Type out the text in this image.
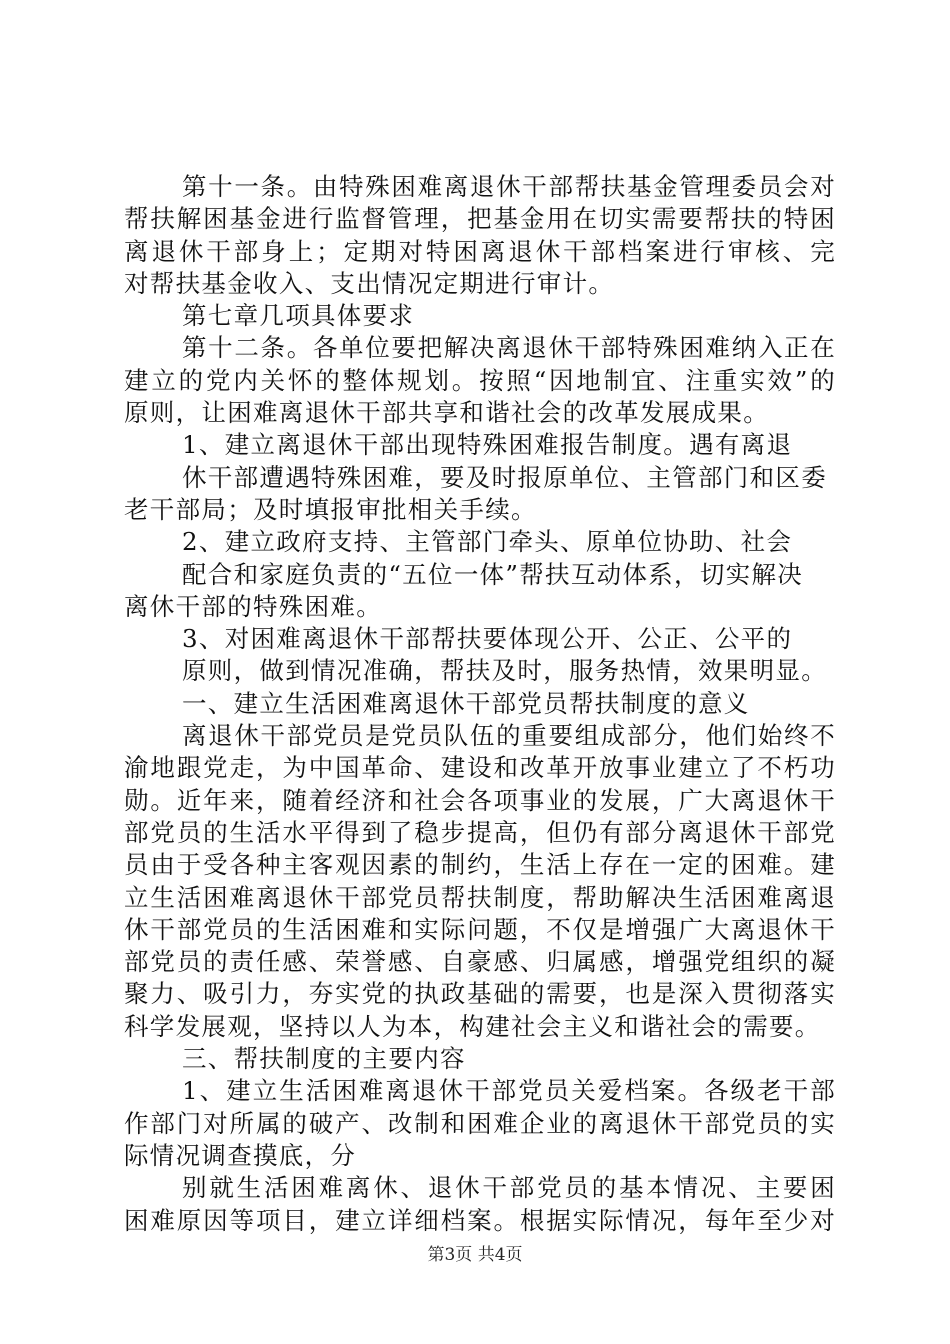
第十一条。由特殊困难离退休干部帮扶基金管理委员会对
帮扶解困基金进行监督管理，把基金用在切实需要帮扶的特困
离退休干部身上；定期对特困离退休干部档案进行审核、完
对帮扶基金收入、支出情况定期进行审计。
第七章几项具体要求
第十二条。各单位要把解决离退休干部特殊困难纳入正在
建立的党内关怀的整体规划。按照“因地制宜、注重实效”的
原则，让困难离退休干部共享和谐社会的改革发展成果。
1、建立离退休干部出现特殊困难报告制度。遇有离退
休干部遭遇特殊困难，要及时报原单位、主管部门和区委
老干部局；及时填报审批相关手续。
2、建立政府支持、主管部门牵头、原单位协助、社会
配合和家庭负责的“五位一体”帮扶互动体系，切实解决
离休干部的特殊困难。
3、对困难离退休干部帮扶要体现公开、公正、公平的
原则，做到情况准确，帮扶及时，服务热情，效果明显。
一、建立生活困难离退休干部党员帮扶制度的意义
离退休干部党员是党员队伍的重要组成部分，他们始终不
渝地跟党走，为中国革命、建设和改革开放事业建立了不朽功
勋。近年来，随着经济和社会各项事业的发展，广大离退休干
部党员的生活水平得到了稳步提高，但仍有部分离退休干部党
员由于受各种主客观因素的制约，生活上存在一定的困难。建
立生活困难离退休干部党员帮扶制度，帮助解决生活困难离退
休干部党员的生活困难和实际问题，不仅是增强广大离退休干
部党员的责任感、荣誉感、自豪感、归属感，增强党组织的凝
聚力、吸引力，夯实党的执政基础的需要，也是深入贯彻落实
科学发展观，坚持以人为本，构建社会主义和谐社会的需要。
三、帮扶制度的主要内容
1、建立生活困难离退休干部党员关爱档案。各级老干部
作部门对所属的破产、改制和困难企业的离退休干部党员的实
际情况调查摸底，分
别就生活困难离休、退休干部党员的基本情况、主要困
困难原因等项目，建立详细档案。根据实际情况，每年至少对
第3页 共4页
